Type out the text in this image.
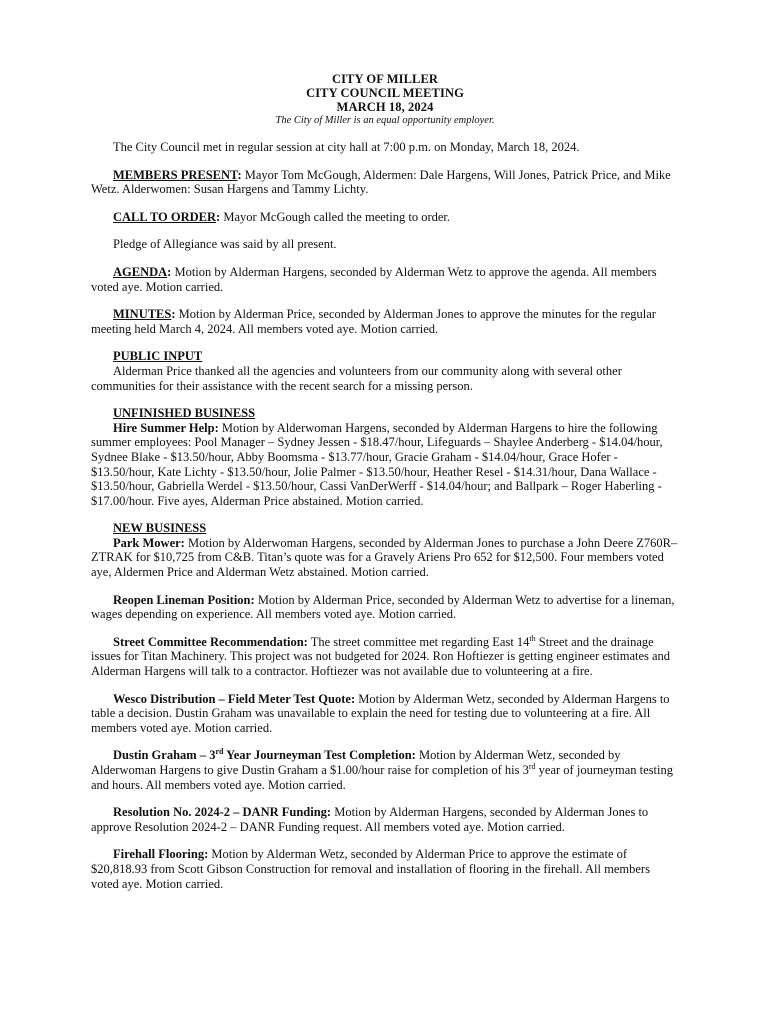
CITY OF MILLER
CITY COUNCIL MEETING
MARCH 18, 2024
The City of Miller is an equal opportunity employer.

The City Council met in regular session at city hall at 7:00 p.m. on Monday, March 18, 2024.

MEMBERS PRESENT: Mayor Tom McGough, Aldermen: Dale Hargens, Will Jones, Patrick Price, and Mike Wetz. Alderwomen: Susan Hargens and Tammy Lichty.

CALL TO ORDER: Mayor McGough called the meeting to order.

Pledge of Allegiance was said by all present.

AGENDA: Motion by Alderman Hargens, seconded by Alderman Wetz to approve the agenda. All members voted aye. Motion carried.

MINUTES: Motion by Alderman Price, seconded by Alderman Jones to approve the minutes for the regular meeting held March 4, 2024. All members voted aye. Motion carried.

PUBLIC INPUT
Alderman Price thanked all the agencies and volunteers from our community along with several other communities for their assistance with the recent search for a missing person.
UNFINISHED BUSINESS
Hire Summer Help: Motion by Alderwoman Hargens, seconded by Alderman Hargens to hire the following summer employees: Pool Manager – Sydney Jessen - $18.47/hour, Lifeguards – Shaylee Anderberg - $14.04/hour, Sydnee Blake - $13.50/hour, Abby Boomsma - $13.77/hour, Gracie Graham - $14.04/hour, Grace Hofer - $13.50/hour, Kate Lichty - $13.50/hour, Jolie Palmer - $13.50/hour, Heather Resel - $14.31/hour, Dana Wallace - $13.50/hour, Gabriella Werdel - $13.50/hour, Cassi VanDerWerff - $14.04/hour; and Ballpark – Roger Haberling - $17.00/hour. Five ayes, Alderman Price abstained. Motion carried.
NEW BUSINESS
Park Mower: Motion by Alderwoman Hargens, seconded by Alderman Jones to purchase a John Deere Z760R–ZTRAK for $10,725 from C&B. Titan’s quote was for a Gravely Ariens Pro 652 for $12,500. Four members voted aye, Aldermen Price and Alderman Wetz abstained. Motion carried.

Reopen Lineman Position: Motion by Alderman Price, seconded by Alderman Wetz to advertise for a lineman, wages depending on experience. All members voted aye. Motion carried.

Street Committee Recommendation: The street committee met regarding East 14th Street and the drainage issues for Titan Machinery. This project was not budgeted for 2024. Ron Hoftiezer is getting engineer estimates and Alderman Hargens will talk to a contractor. Hoftiezer was not available due to volunteering at a fire.

Wesco Distribution – Field Meter Test Quote: Motion by Alderman Wetz, seconded by Alderman Hargens to table a decision. Dustin Graham was unavailable to explain the need for testing due to volunteering at a fire. All members voted aye. Motion carried.

Dustin Graham – 3rd Year Journeyman Test Completion: Motion by Alderman Wetz, seconded by Alderwoman Hargens to give Dustin Graham a $1.00/hour raise for completion of his 3rd year of journeyman testing and hours. All members voted aye. Motion carried.

Resolution No. 2024-2 – DANR Funding: Motion by Alderman Hargens, seconded by Alderman Jones to approve Resolution 2024-2 – DANR Funding request. All members voted aye. Motion carried.

Firehall Flooring: Motion by Alderman Wetz, seconded by Alderman Price to approve the estimate of $20,818.93 from Scott Gibson Construction for removal and installation of flooring in the firehall. All members voted aye. Motion carried.
